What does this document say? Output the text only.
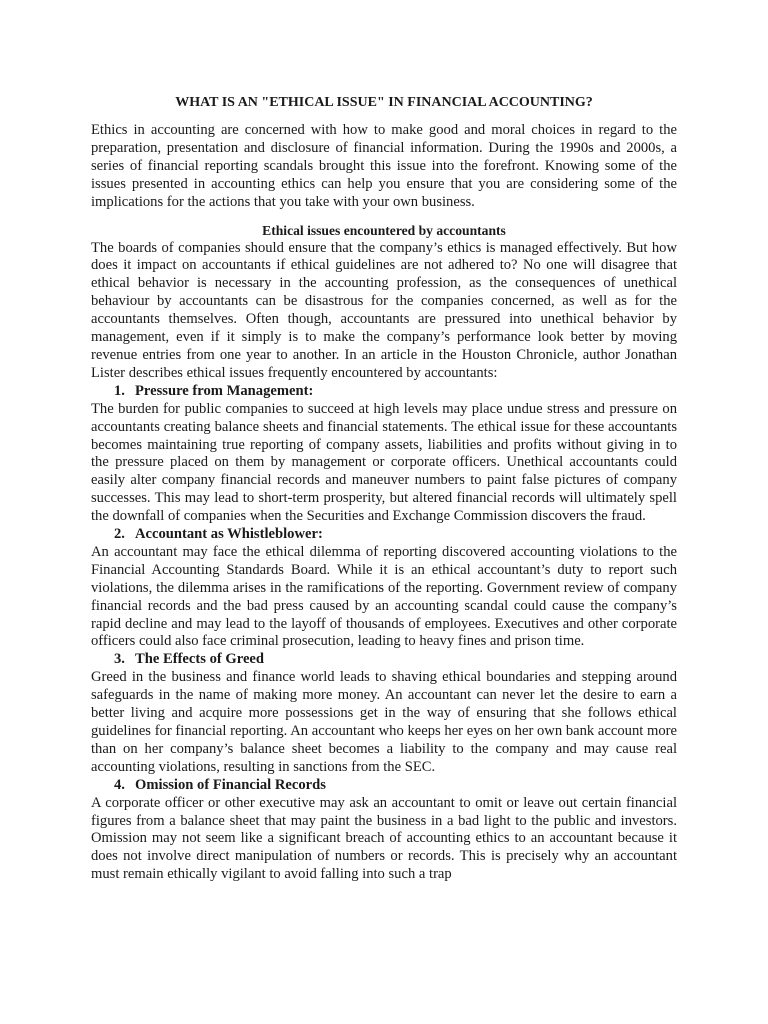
WHAT IS AN "ETHICAL ISSUE" IN FINANCIAL ACCOUNTING?

Ethics in accounting are concerned with how to make good and moral choices in regard to the preparation, presentation and disclosure of financial information. During the 1990s and 2000s, a series of financial reporting scandals brought this issue into the forefront. Knowing some of the issues presented in accounting ethics can help you ensure that you are considering some of the implications for the actions that you take with your own business.

Ethical issues encountered by accountants

The boards of companies should ensure that the company’s ethics is managed effectively. But how does it impact on accountants if ethical guidelines are not adhered to? No one will disagree that ethical behavior is necessary in the accounting profession, as the consequences of unethical behaviour by accountants can be disastrous for the companies concerned, as well as for the accountants themselves. Often though, accountants are pressured into unethical behavior by management, even if it simply is to make the company’s performance look better by moving revenue entries from one year to another. In an article in the Houston Chronicle, author Jonathan Lister describes ethical issues frequently encountered by accountants:

1. Pressure from Management:

The burden for public companies to succeed at high levels may place undue stress and pressure on accountants creating balance sheets and financial statements. The ethical issue for these accountants becomes maintaining true reporting of company assets, liabilities and profits without giving in to the pressure placed on them by management or corporate officers. Unethical accountants could easily alter company financial records and maneuver numbers to paint false pictures of company successes. This may lead to short-term prosperity, but altered financial records will ultimately spell the downfall of companies when the Securities and Exchange Commission discovers the fraud.

2. Accountant as Whistleblower:

An accountant may face the ethical dilemma of reporting discovered accounting violations to the Financial Accounting Standards Board. While it is an ethical accountant’s duty to report such violations, the dilemma arises in the ramifications of the reporting. Government review of company financial records and the bad press caused by an accounting scandal could cause the company’s rapid decline and may lead to the layoff of thousands of employees. Executives and other corporate officers could also face criminal prosecution, leading to heavy fines and prison time.

3. The Effects of Greed

Greed in the business and finance world leads to shaving ethical boundaries and stepping around safeguards in the name of making more money. An accountant can never let the desire to earn a better living and acquire more possessions get in the way of ensuring that she follows ethical guidelines for financial reporting. An accountant who keeps her eyes on her own bank account more than on her company’s balance sheet becomes a liability to the company and may cause real accounting violations, resulting in sanctions from the SEC.

4. Omission of Financial Records

A corporate officer or other executive may ask an accountant to omit or leave out certain financial figures from a balance sheet that may paint the business in a bad light to the public and investors. Omission may not seem like a significant breach of accounting ethics to an accountant because it does not involve direct manipulation of numbers or records. This is precisely why an accountant must remain ethically vigilant to avoid falling into such a trap
